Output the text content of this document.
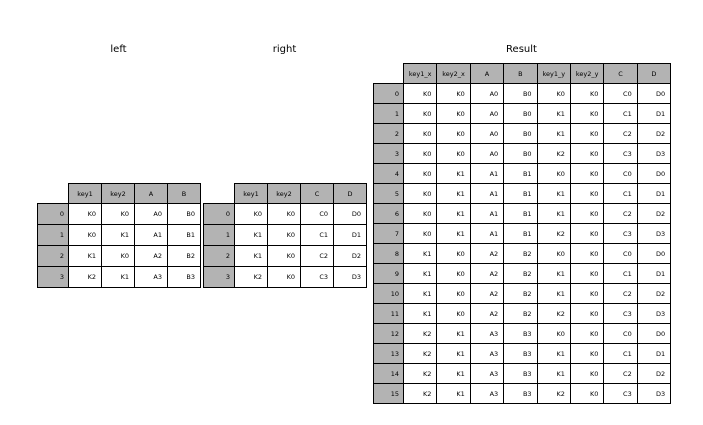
left	right	Result
	key1	key2	A	B
0	K0	K0	A0	B0
1	K0	K1	A1	B1
2	K1	K0	A2	B2
3	K2	K1	A3	B3
	key1	key2	C	D
0	K0	K0	C0	D0
1	K1	K0	C1	D1
2	K1	K0	C2	D2
3	K2	K0	C3	D3
	key1_x	key2_x	A	B	key1_y	key2_y	C	D
0	K0	K0	A0	B0	K0	K0	C0	D0
1	K0	K0	A0	B0	K1	K0	C1	D1
2	K0	K0	A0	B0	K1	K0	C2	D2
3	K0	K0	A0	B0	K2	K0	C3	D3
4	K0	K1	A1	B1	K0	K0	C0	D0
5	K0	K1	A1	B1	K1	K0	C1	D1
6	K0	K1	A1	B1	K1	K0	C2	D2
7	K0	K1	A1	B1	K2	K0	C3	D3
8	K1	K0	A2	B2	K0	K0	C0	D0
9	K1	K0	A2	B2	K1	K0	C1	D1
10	K1	K0	A2	B2	K1	K0	C2	D2
11	K1	K0	A2	B2	K2	K0	C3	D3
12	K2	K1	A3	B3	K0	K0	C0	D0
13	K2	K1	A3	B3	K1	K0	C1	D1
14	K2	K1	A3	B3	K1	K0	C2	D2
15	K2	K1	A3	B3	K2	K0	C3	D3
